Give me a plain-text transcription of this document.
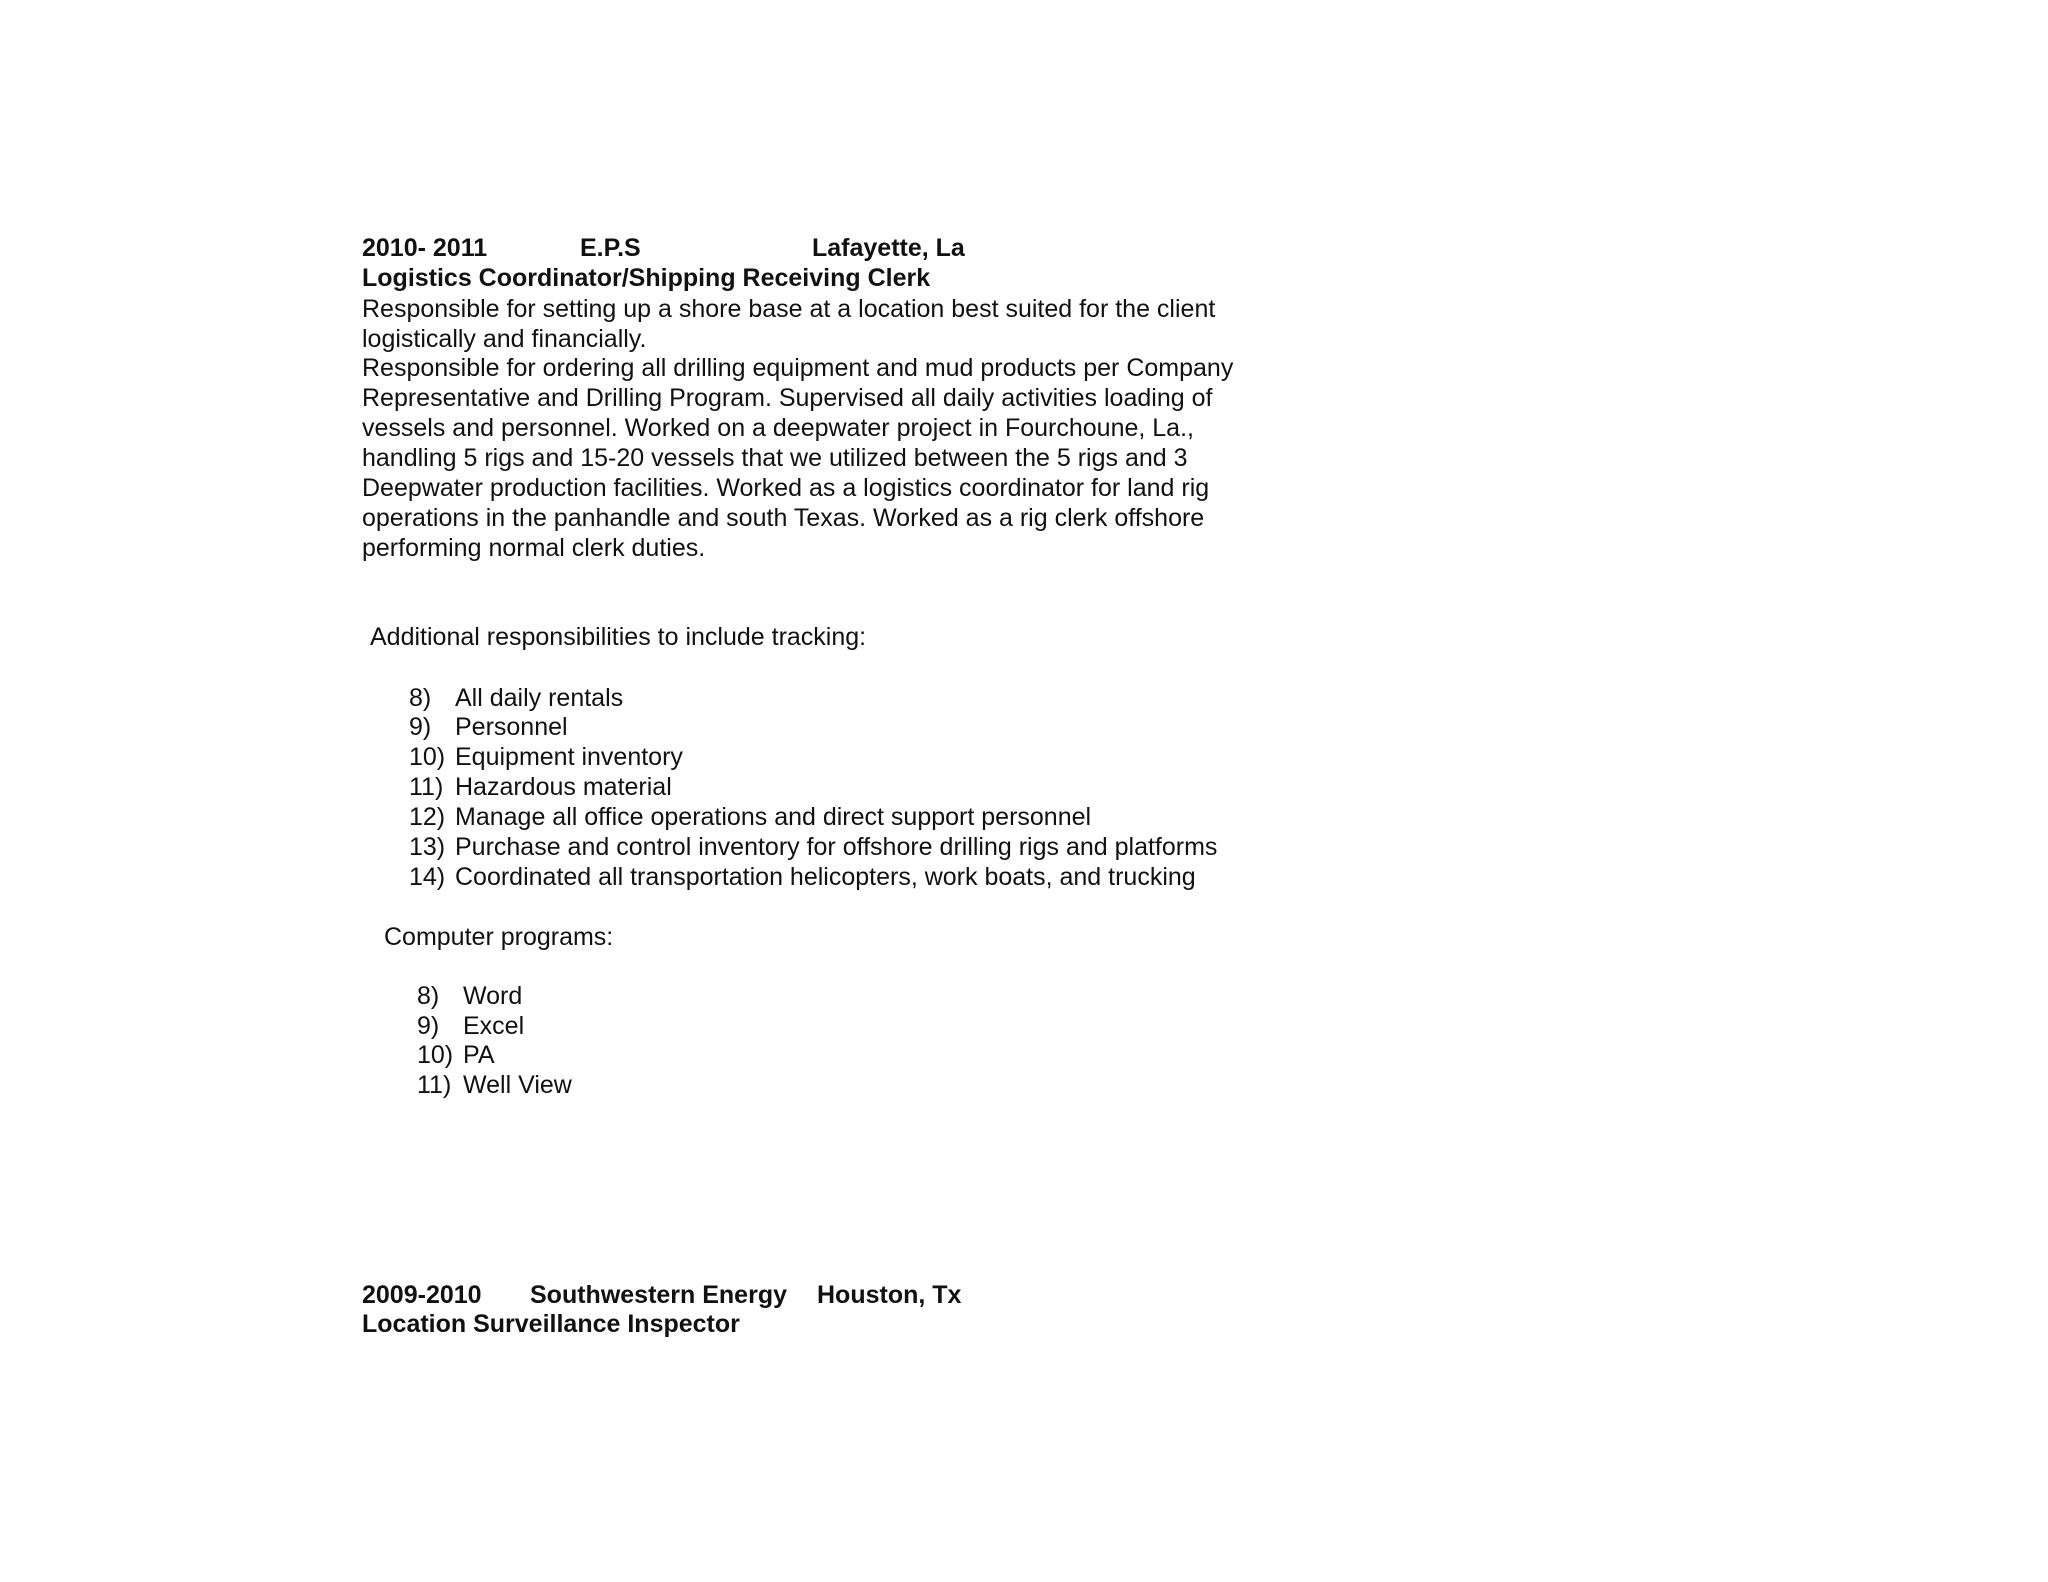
2010- 2011	E.P.S	Lafayette, La
Logistics Coordinator/Shipping Receiving Clerk
Responsible for setting up a shore base at a location best suited for the client
logistically and financially.
Responsible for ordering all drilling equipment and mud products per Company
Representative and Drilling Program. Supervised all daily activities loading of
vessels and personnel. Worked on a deepwater project in Fourchoune, La.,
handling 5 rigs and 15-20 vessels that we utilized between the 5 rigs and 3
Deepwater production facilities. Worked as a logistics coordinator for land rig
operations in the panhandle and south Texas. Worked as a rig clerk offshore
performing normal clerk duties.
Additional responsibilities to include tracking:
8) All daily rentals
9) Personnel
10) Equipment inventory
11) Hazardous material
12) Manage all office operations and direct support personnel
13) Purchase and control inventory for offshore drilling rigs and platforms
14) Coordinated all transportation helicopters, work boats, and trucking
Computer programs:
8) Word
9) Excel
10) PA
11) Well View
2009-2010 Southwestern Energy Houston, Tx
Location Surveillance Inspector
